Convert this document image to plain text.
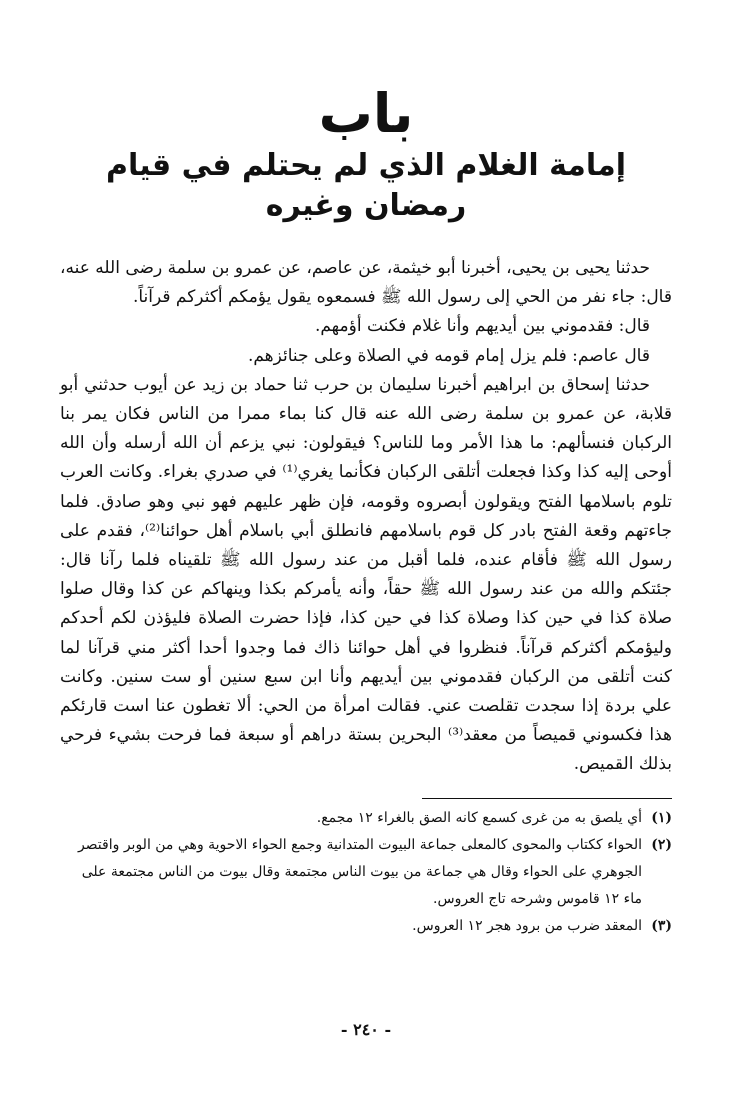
باب
إمامة الغلام الذي لم يحتلم في قيام رمضان وغيره

حدثنا يحيى بن يحيى، أخبرنا أبو خيثمة، عن عاصم، عن عمرو بن سلمة رضى الله عنه، قال: جاء نفر من الحي إلى رسول الله ﷺ فسمعوه يقول يؤمكم أكثركم قرآناً.

قال: فقدموني بين أيديهم وأنا غلام فكنت أؤمهم.

قال عاصم: فلم يزل إمام قومه في الصلاة وعلى جنائزهم.

حدثنا إسحاق بن ابراهيم أخبرنا سليمان بن حرب ثنا حماد بن زيد عن أيوب حدثني أبو قلابة، عن عمرو بن سلمة رضى الله عنه قال كنا بماء ممرا من الناس فكان يمر بنا الركبان فنسألهم: ما هذا الأمر وما للناس؟ فيقولون: نبي يزعم أن الله أرسله وأن الله أوحى إليه كذا وكذا فجعلت أتلقى الركبان فكأنما يغري⁽¹⁾ في صدري بغراء. وكانت العرب تلوم باسلامها الفتح ويقولون أبصروه وقومه، فإن ظهر عليهم فهو نبي وهو صادق. فلما جاءتهم وقعة الفتح بادر كل قوم باسلامهم فانطلق أبي باسلام أهل حوائنا⁽²⁾، فقدم على رسول الله ﷺ فأقام عنده، فلما أقبل من عند رسول الله ﷺ تلقيناه فلما رآنا قال: جئتكم والله من عند رسول الله ﷺ حقاً، وأنه يأمركم بكذا وينهاكم عن كذا وقال صلوا صلاة كذا في حين كذا وصلاة كذا في حين كذا، فإذا حضرت الصلاة فليؤذن لكم أحدكم وليؤمكم أكثركم قرآناً. فنظروا في أهل حوائنا ذاك فما وجدوا أحدا أكثر مني قرآنا لما كنت أتلقى من الركبان فقدموني بين أيديهم وأنا ابن سبع سنين أو ست سنين. وكانت علي بردة إذا سجدت تقلصت عني. فقالت امرأة من الحي: ألا تغطون عنا است قارئكم هذا فكسوني قميصاً من معقد⁽³⁾ البحرين بستة دراهم أو سبعة فما فرحت بشيء فرحي بذلك القميص.

(١)
أي يلصق به من غرى كسمع كانه الصق بالغراء ١٢ مجمع.
(٢)
الحواء ككتاب والمحوى كالمعلى جماعة البيوت المتدانية وجمع الحواء الاحوية وهي من الوبر واقتصر الجوهري على الحواء وقال هي جماعة من بيوت الناس مجتمعة وقال بيوت من الناس مجتمعة على ماء ١٢ قاموس وشرحه تاج العروس.
(٣)
المعقد ضرب من برود هجر ١٢ العروس.
- ٢٤٠ -
